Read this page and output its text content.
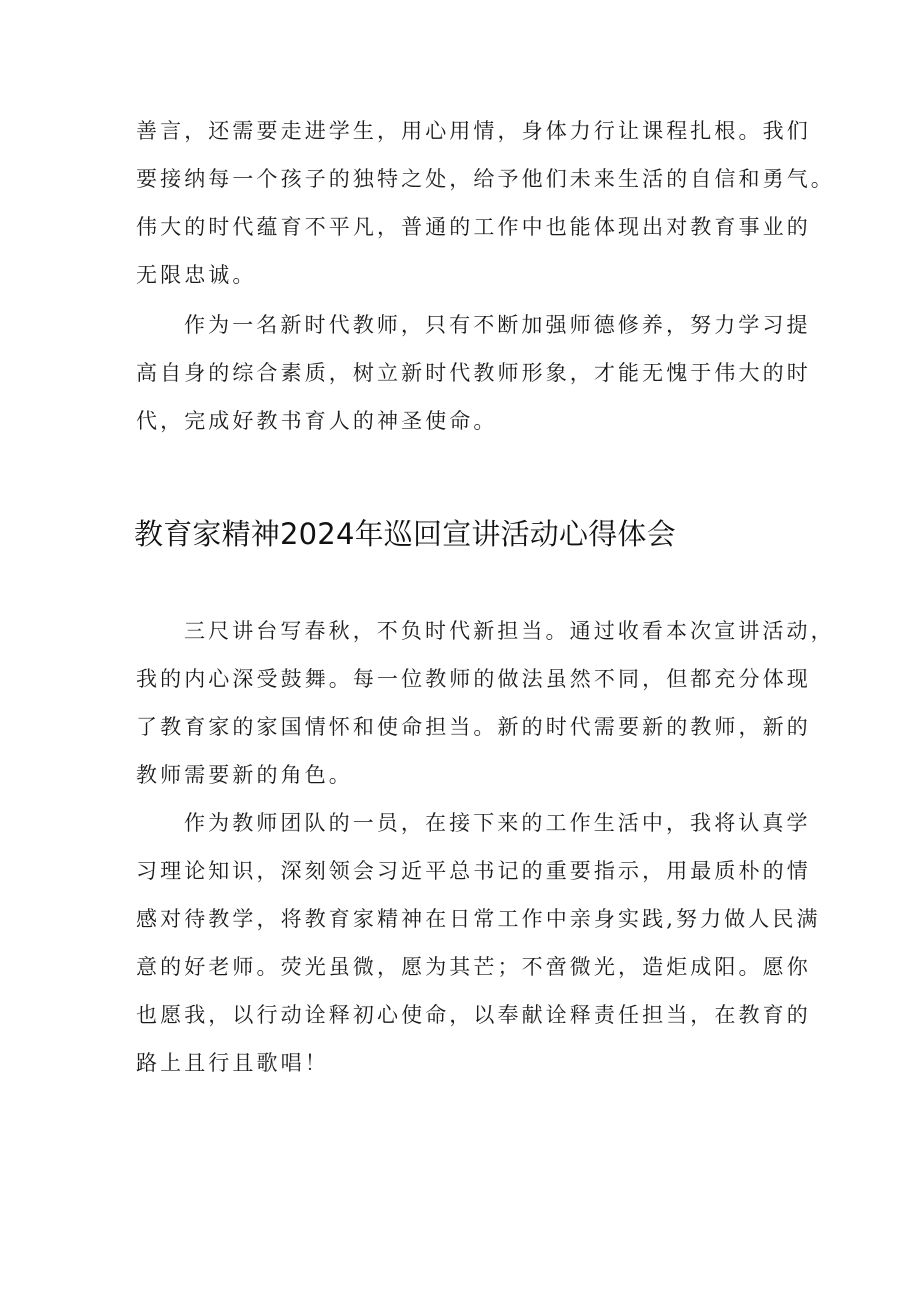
善言，还需要走进学生，用心用情，身体力行让课程扎根。我们
要接纳每一个孩子的独特之处，给予他们未来生活的自信和勇气。
伟大的时代蕴育不平凡，普通的工作中也能体现出对教育事业的
无限忠诚。
作为一名新时代教师，只有不断加强师德修养，努力学习提
高自身的综合素质，树立新时代教师形象，才能无愧于伟大的时
代，完成好教书育人的神圣使命。
教育家精神2024年巡回宣讲活动心得体会
三尺讲台写春秋，不负时代新担当。通过收看本次宣讲活动，
我的内心深受鼓舞。每一位教师的做法虽然不同，但都充分体现
了教育家的家国情怀和使命担当。新的时代需要新的教师，新的
教师需要新的角色。
作为教师团队的一员，在接下来的工作生活中，我将认真学
习理论知识，深刻领会习近平总书记的重要指示，用最质朴的情
感对待教学，将教育家精神在日常工作中亲身实践,努力做人民满
意的好老师。荧光虽微，愿为其芒；不啻微光，造炬成阳。愿你
也愿我，以行动诠释初心使命，以奉献诠释责任担当，在教育的
路上且行且歌唱！
